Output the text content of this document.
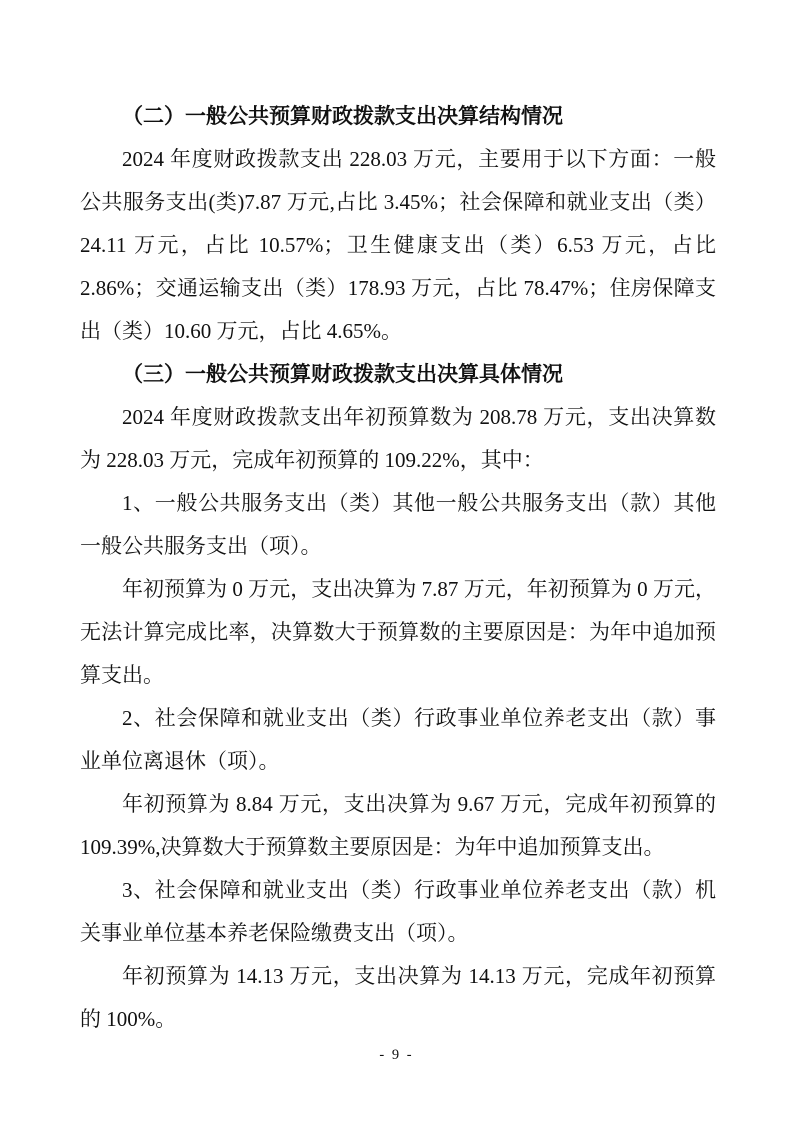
（二）一般公共预算财政拨款支出决算结构情况

2024 年度财政拨款支出 228.03 万元，主要用于以下方面：一般公共服务支出(类)7.87 万元,占比 3.45%；社会保障和就业支出（类）24.11 万元，占比 10.57%；卫生健康支出（类）6.53 万元，占比 2.86%；交通运输支出（类）178.93 万元，占比 78.47%；住房保障支出（类）10.60 万元，占比 4.65%。

（三）一般公共预算财政拨款支出决算具体情况

2024 年度财政拨款支出年初预算数为 208.78 万元，支出决算数为 228.03 万元，完成年初预算的 109.22%，其中：

1、一般公共服务支出（类）其他一般公共服务支出（款）其他一般公共服务支出（项）。

年初预算为 0 万元，支出决算为 7.87 万元，年初预算为 0 万元，无法计算完成比率，决算数大于预算数的主要原因是：为年中追加预算支出。

2、社会保障和就业支出（类）行政事业单位养老支出（款）事业单位离退休（项）。

年初预算为 8.84 万元，支出决算为 9.67 万元，完成年初预算的 109.39%,决算数大于预算数主要原因是：为年中追加预算支出。

3、社会保障和就业支出（类）行政事业单位养老支出（款）机关事业单位基本养老保险缴费支出（项）。

年初预算为 14.13 万元，支出决算为 14.13 万元，完成年初预算的 100%。

- 9 -
